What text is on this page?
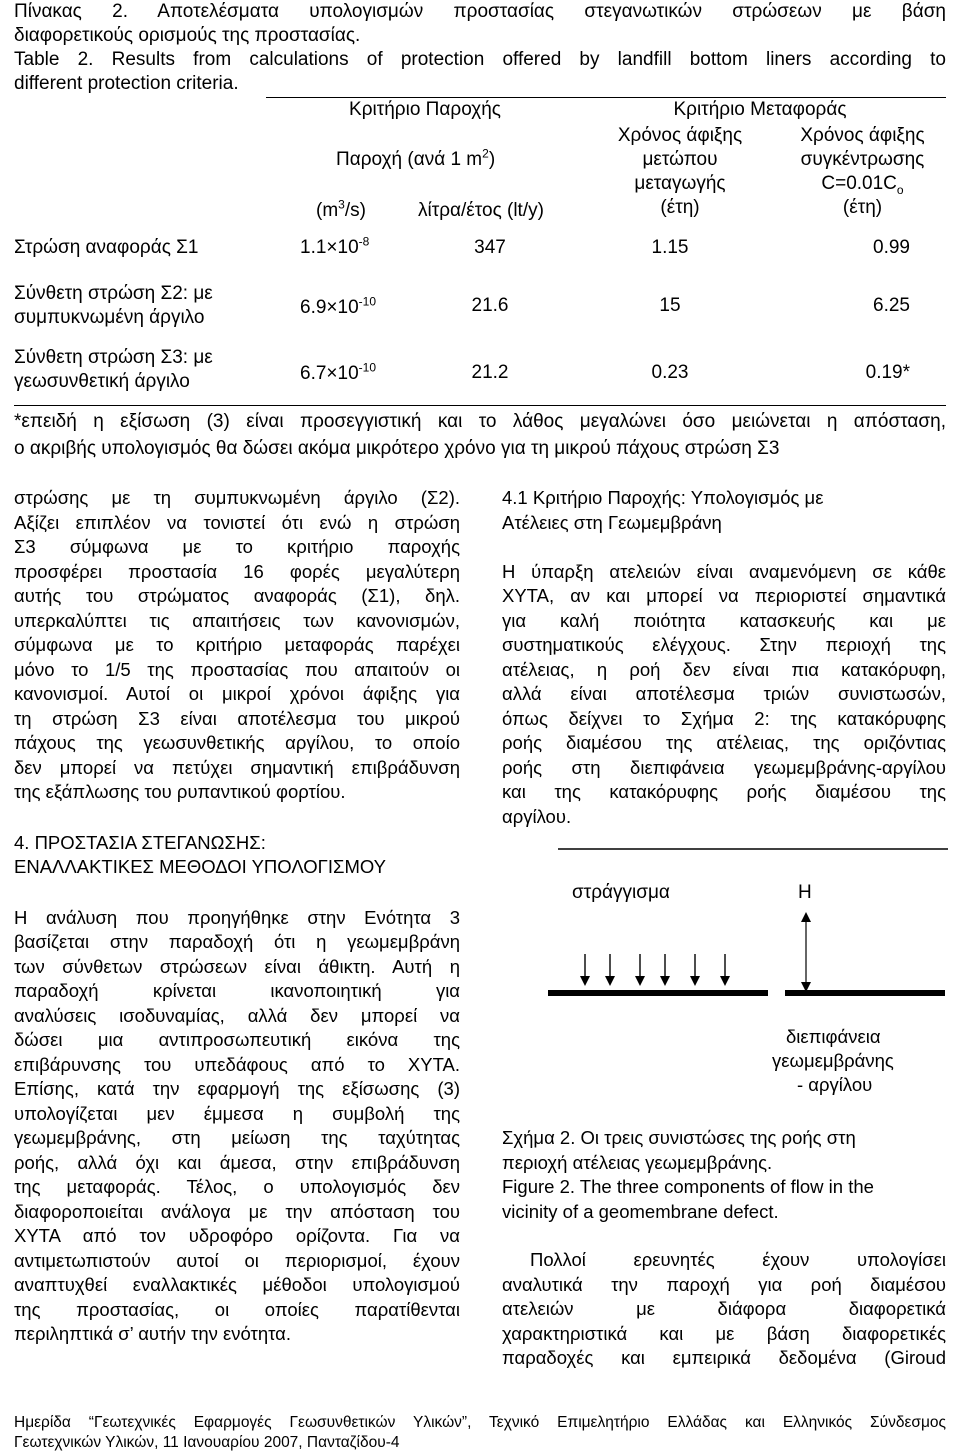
Πίνακας 2. Αποτελέσματα υπολογισμών προστασίας στεγανωτικών στρώσεων με βάση
διαφορετικούς ορισμούς της προστασίας.
Table 2. Results from calculations of protection offered by landfill bottom liners according to
different protection criteria.
Κριτήριο Παροχής	Κριτήριο Μεταφοράς
Παροχή (ανά 1 $m^2$)
$(m^3/s)$	λίτρα/έτος (lt/y)
Χρόνος άφιξης
μετώπου
μεταγωγής
(έτη)
Χρόνος άφιξης
συγκέντρωσης
$C=0.01C_o$
(έτη)
Στρώση αναφοράς Σ1	$1.1\times 10^{-8}$	347	1.15	0.99
Σύνθετη στρώση Σ2: με
συμπυκνωμένη άργιλο	$6.9\times 10^{-10}$	21.6	15	6.25
Σύνθετη στρώση Σ3: με
γεωσυνθετική άργιλο	$6.7\times 10^{-10}$	21.2	0.23	0.19*
*επειδή η εξίσωση (3) είναι προσεγγιστική και το λάθος μεγαλώνει όσο μειώνεται η απόσταση,
ο ακριβής υπολογισμός θα δώσει ακόμα μικρότερο χρόνο για τη μικρού πάχους στρώση Σ3
στρώσης με τη συμπυκνωμένη άργιλο (Σ2).
Αξίζει επιπλέον να τονιστεί ότι ενώ η στρώση
Σ3 σύμφωνα με το κριτήριο παροχής
προσφέρει προστασία 16 φορές μεγαλύτερη
αυτής του στρώματος αναφοράς (Σ1), δηλ.
υπερκαλύπτει τις απαιτήσεις των κανονισμών,
σύμφωνα με το κριτήριο μεταφοράς παρέχει
μόνο το 1/5 της προστασίας που απαιτούν οι
κανονισμοί. Αυτοί οι μικροί χρόνοι άφιξης για
τη στρώση Σ3 είναι αποτέλεσμα του μικρού
πάχους της γεωσυνθετικής αργίλου, το οποίο
δεν μπορεί να πετύχει σημαντική επιβράδυνση
της εξάπλωσης του ρυπαντικού φορτίου.
4. ΠΡΟΣΤΑΣΙΑ ΣΤΕΓΑΝΩΣΗΣ:
ΕΝΑΛΛΑΚΤΙΚΕΣ ΜΕΘΟΔΟΙ ΥΠΟΛΟΓΙΣΜΟΥ
Η ανάλυση που προηγήθηκε στην Ενότητα 3
βασίζεται στην παραδοχή ότι η γεωμεμβράνη
των σύνθετων στρώσεων είναι άθικτη. Αυτή η
παραδοχή κρίνεται ικανοποιητική για
αναλύσεις ισοδυναμίας, αλλά δεν μπορεί να
δώσει μια αντιπροσωπευτική εικόνα της
επιβάρυνσης του υπεδάφους από το ΧΥΤΑ.
Επίσης, κατά την εφαρμογή της εξίσωσης (3)
υπολογίζεται μεν έμμεσα η συμβολή της
γεωμεμβράνης, στη μείωση της ταχύτητας
ροής, αλλά όχι και άμεσα, στην επιβράδυνση
της μεταφοράς. Τέλος, ο υπολογισμός δεν
διαφοροποιείται ανάλογα με την απόσταση του
ΧΥΤΑ από τον υδροφόρο ορίζοντα. Για να
αντιμετωπιστούν αυτοί οι περιορισμοί, έχουν
αναπτυχθεί εναλλακτικές μέθοδοι υπολογισμού
της προστασίας, οι οποίες παρατίθενται
περιληπτικά σ’ αυτήν την ενότητα.
4.1 Κριτήριο Παροχής: Υπολογισμός με
Ατέλειες στη Γεωμεμβράνη
Η ύπαρξη ατελειών είναι αναμενόμενη σε κάθε
ΧΥΤΑ, αν και μπορεί να περιοριστεί σημαντικά
για καλή ποιότητα κατασκευής και με
συστηματικούς ελέγχους. Στην περιοχή της
ατέλειας, η ροή δεν είναι πια κατακόρυφη,
αλλά είναι αποτέλεσμα τριών συνιστωσών,
όπως δείχνει το Σχήμα 2: της κατακόρυφης
ροής διαμέσου της ατέλειας, της οριζόντιας
ροής στη διεπιφάνεια γεωμεμβράνης-αργίλου
και της κατακόρυφης ροής διαμέσου της
αργίλου.
στράγγισμα	H
διεπιφάνεια
γεωμεμβράνης
- αργίλου
Σχήμα 2. Οι τρεις συνιστώσες της ροής στη
περιοχή ατέλειας γεωμεμβράνης.
Figure 2. The three components of flow in the
vicinity of a geomembrane defect.
Πολλοί ερευνητές έχουν υπολογίσει
αναλυτικά την παροχή για ροή διαμέσου
ατελειών με διάφορα διαφορετικά
χαρακτηριστικά και με βάση διαφορετικές
παραδοχές και εμπειρικά δεδομένα (Giroud
Ημερίδα “Γεωτεχνικές Εφαρμογές Γεωσυνθετικών Υλικών”, Τεχνικό Επιμελητήριο Ελλάδας και Ελληνικός Σύνδεσμος
Γεωτεχνικών Υλικών, 11 Ιανουαρίου 2007, Πανταζίδου-4
